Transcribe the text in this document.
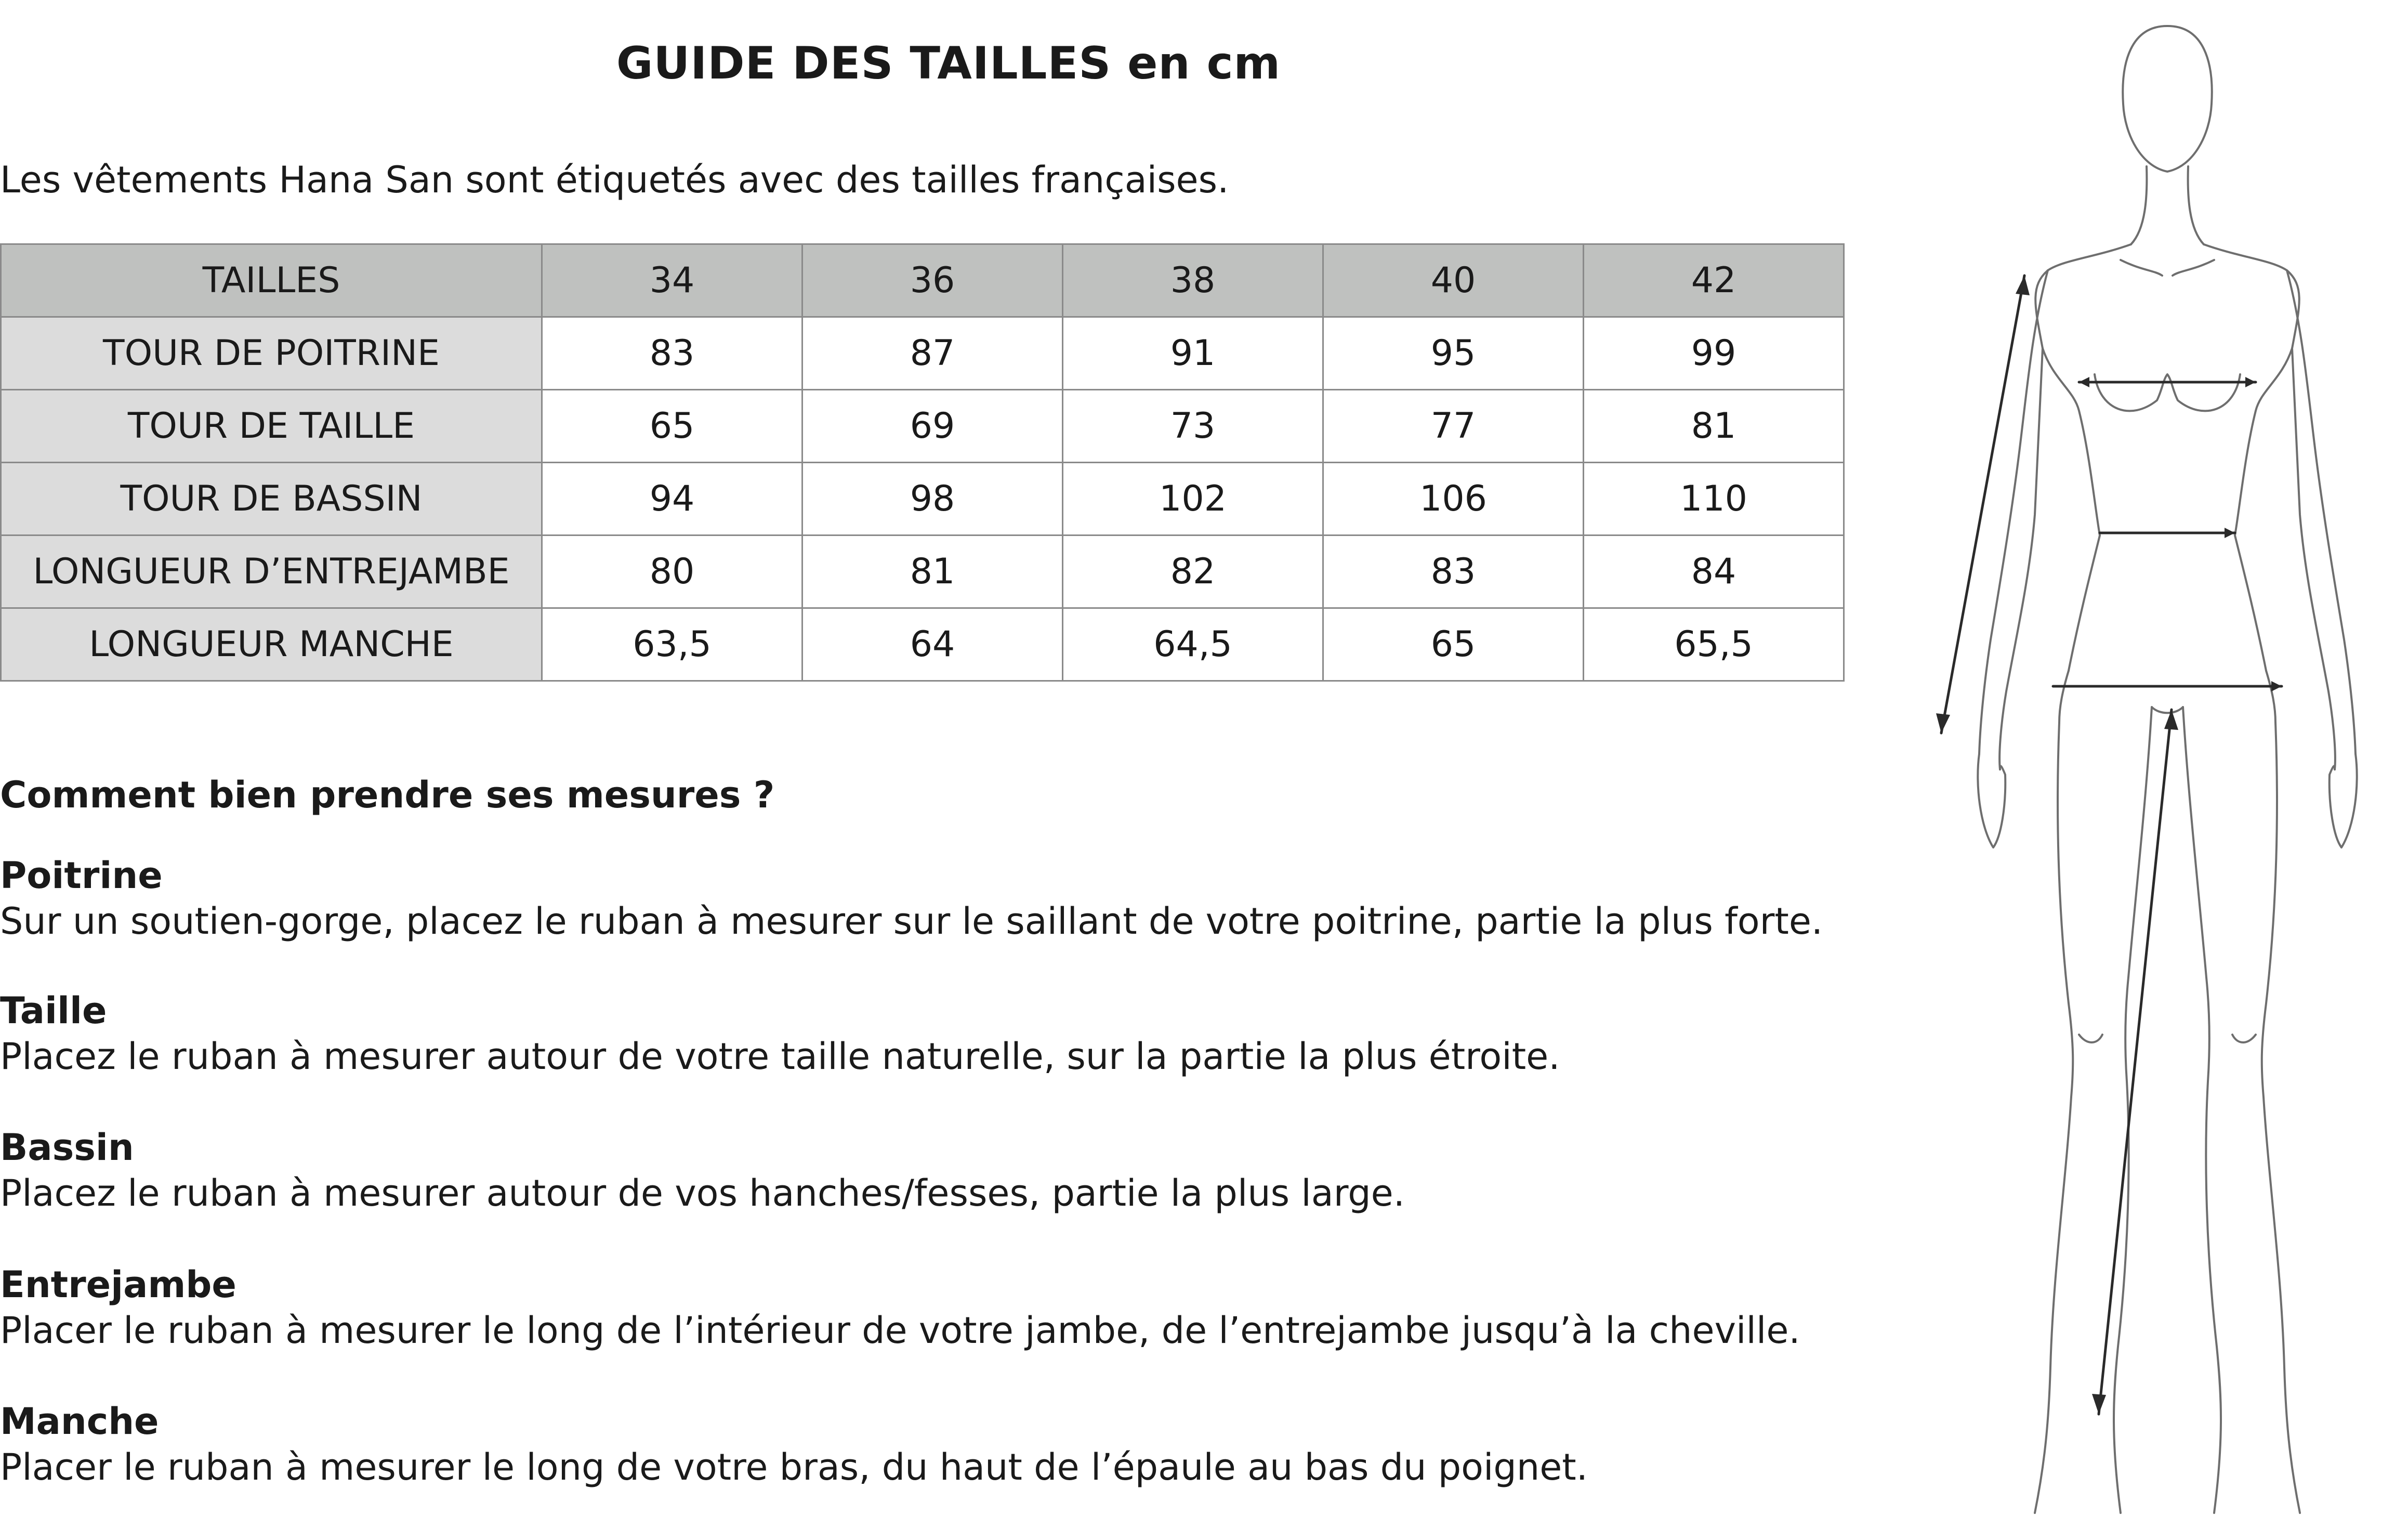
GUIDE DES TAILLES en cm
Les vêtements Hana San sont étiquetés avec des tailles françaises.
TAILLES	34	36	38	40	42
TOUR DE POITRINE	83	87	91	95	99
TOUR DE TAILLE	65	69	73	77	81
TOUR DE BASSIN	94	98	102	106	110
LONGUEUR D’ENTREJAMBE	80	81	82	83	84
LONGUEUR MANCHE	63,5	64	64,5	65	65,5
Comment bien prendre ses mesures ?
Poitrine
Sur un soutien-gorge, placez le ruban à mesurer sur le saillant de votre poitrine, partie la plus forte.
Taille
Placez le ruban à mesurer autour de votre taille naturelle, sur la partie la plus étroite.
Bassin
Placez le ruban à mesurer autour de vos hanches/fesses, partie la plus large.
Entrejambe
Placer le ruban à mesurer le long de l’intérieur de votre jambe, de l’entrejambe jusqu’à la cheville.
Manche
Placer le ruban à mesurer le long de votre bras, du haut de l’épaule au bas du poignet.
